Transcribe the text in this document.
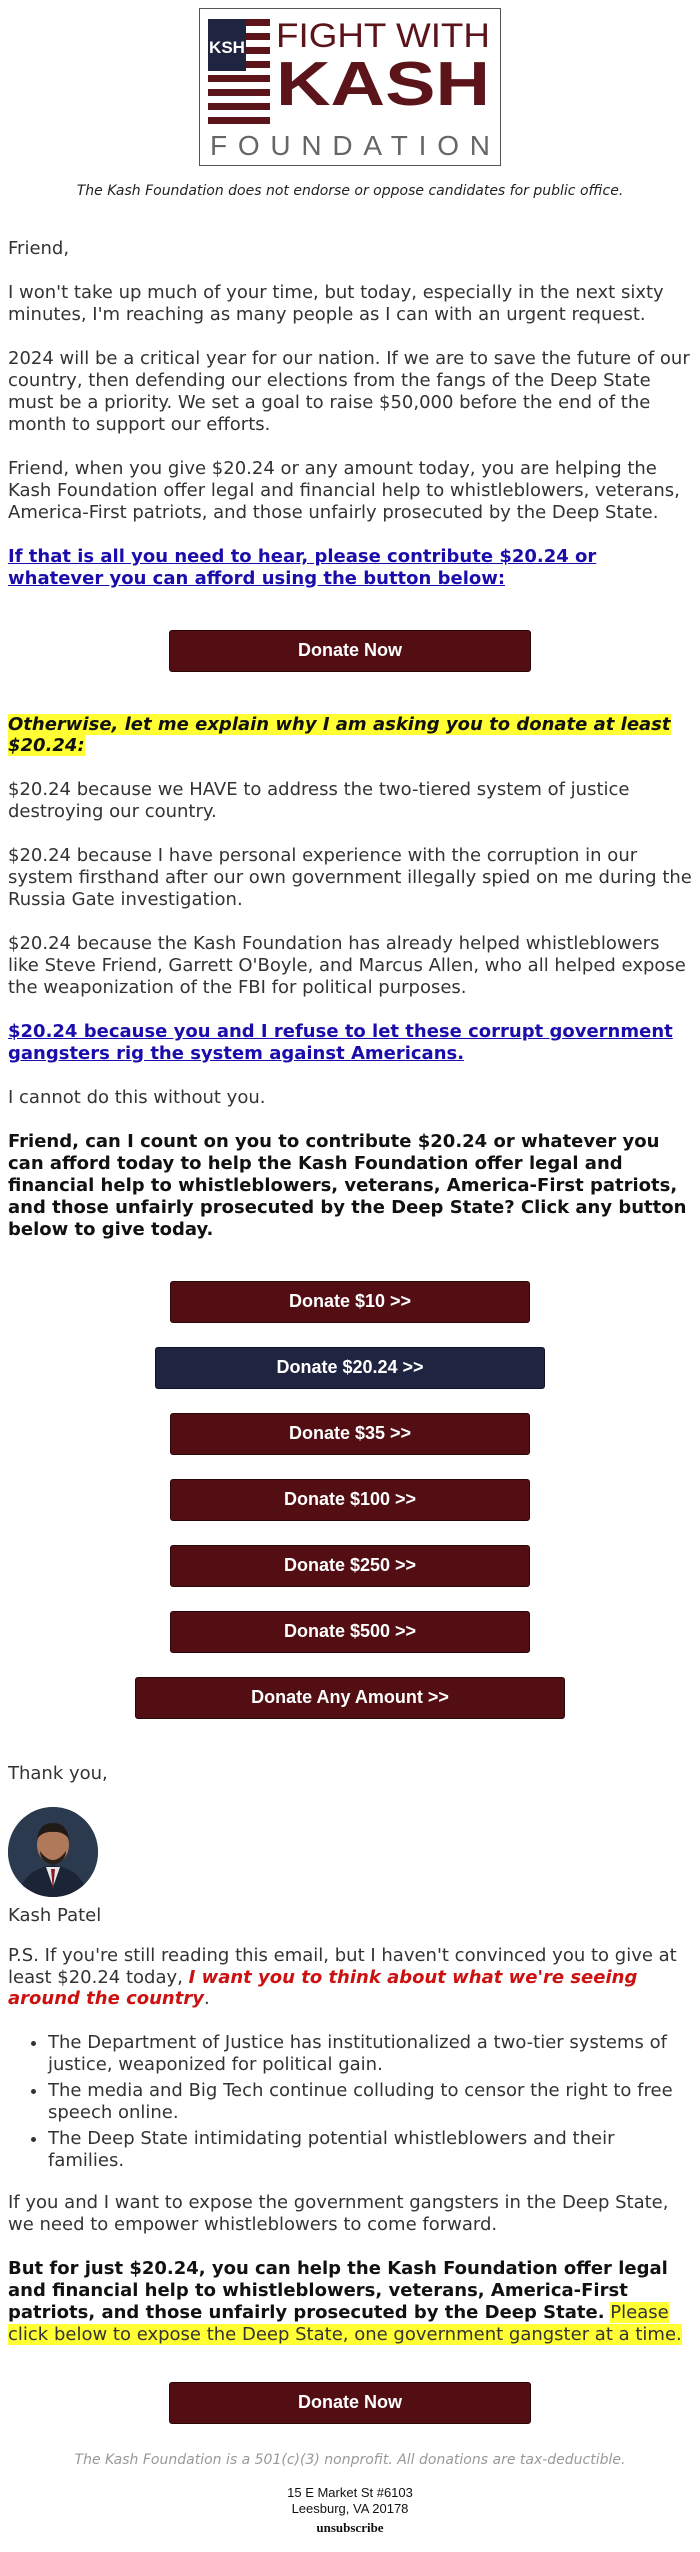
KSH FIGHT WITH
KASH
FOUNDATION
The Kash Foundation does not endorse or oppose candidates for public office.

Friend,

I won't take up much of your time, but today, especially in the next sixty minutes, I'm reaching as many people as I can with an urgent request.

2024 will be a critical year for our nation. If we are to save the future of our country, then defending our elections from the fangs of the Deep State must be a priority. We set a goal to raise $50,000 before the end of the month to support our efforts.

Friend, when you give $20.24 or any amount today, you are helping the Kash Foundation offer legal and financial help to whistleblowers, veterans, America-First patriots, and those unfairly prosecuted by the Deep State.

If that is all you need to hear, please contribute $20.24 or whatever you can afford using the button below:

Donate Now

Otherwise, let me explain why I am asking you to donate at least $20.24:

$20.24 because we HAVE to address the two-tiered system of justice destroying our country.

$20.24 because I have personal experience with the corruption in our system firsthand after our own government illegally spied on me during the Russia Gate investigation.

$20.24 because the Kash Foundation has already helped whistleblowers like Steve Friend, Garrett O'Boyle, and Marcus Allen, who all helped expose the weaponization of the FBI for political purposes.

$20.24 because you and I refuse to let these corrupt government gangsters rig the system against Americans.

I cannot do this without you.

Friend, can I count on you to contribute $20.24 or whatever you can afford today to help the Kash Foundation offer legal and financial help to whistleblowers, veterans, America-First patriots, and those unfairly prosecuted by the Deep State? Click any button below to give today.

Donate $10 >>
Donate $20.24 >>
Donate $35 >>
Donate $100 >>
Donate $250 >>
Donate $500 >>
Donate Any Amount >>

Thank you,

Kash Patel

P.S. If you're still reading this email, but I haven't convinced you to give at least $20.24 today, I want you to think about what we're seeing around the country.

• The Department of Justice has institutionalized a two-tier systems of justice, weaponized for political gain.
• The media and Big Tech continue colluding to censor the right to free speech online.
• The Deep State intimidating potential whistleblowers and their families.

If you and I want to expose the government gangsters in the Deep State, we need to empower whistleblowers to come forward.

But for just $20.24, you can help the Kash Foundation offer legal and financial help to whistleblowers, veterans, America-First patriots, and those unfairly prosecuted by the Deep State. Please click below to expose the Deep State, one government gangster at a time.

Donate Now
The Kash Foundation is a 501(c)(3) nonprofit. All donations are tax-deductible.
15 E Market St #6103
Leesburg, VA 20178
unsubscribe
